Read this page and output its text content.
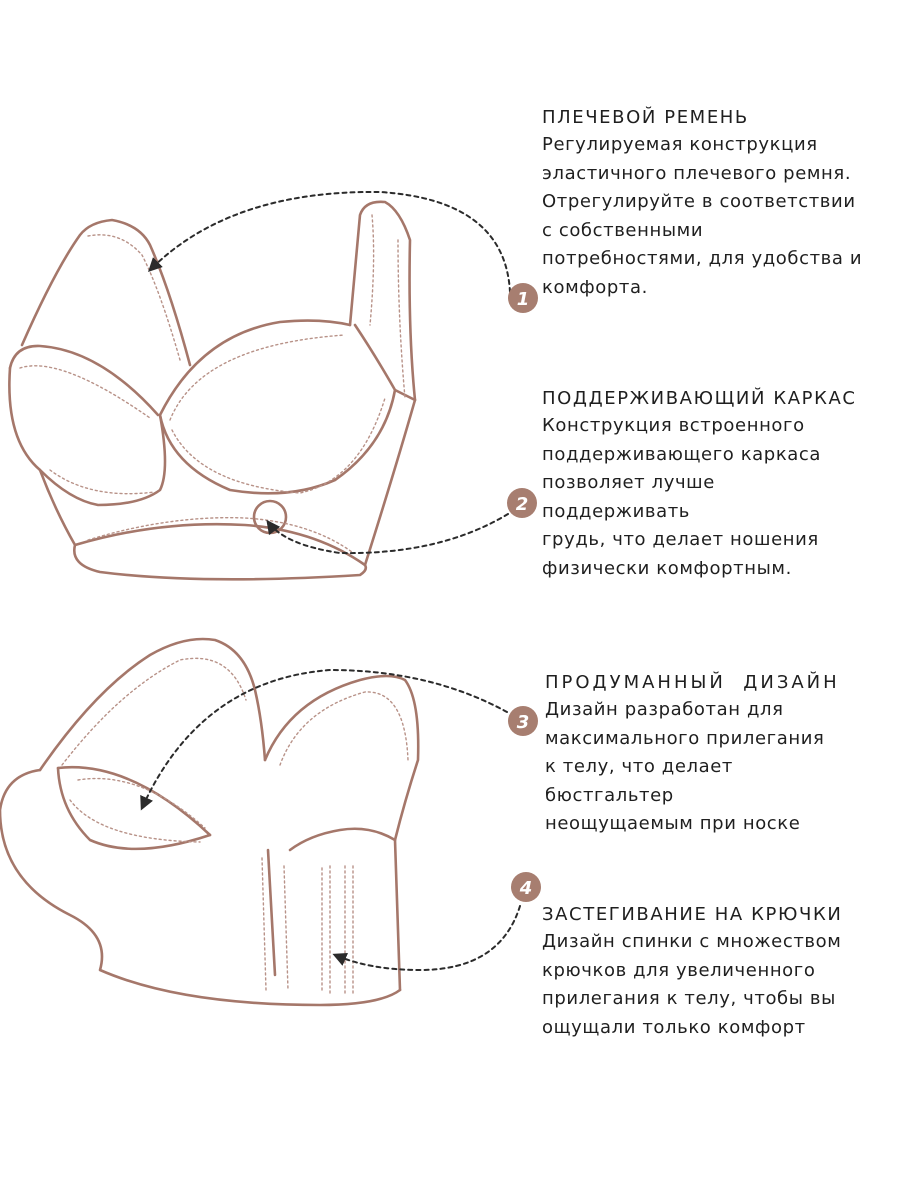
1
2
3
4
ПЛЕЧЕВОЙ РЕМЕНЬ
Регулируемая конструкция
эластичного плечевого ремня.
Отрегулируйте в соответствии
с собственными
потребностями, для удобства и
комфорта.
ПОДДЕРЖИВАЮЩИЙ КАРКАС
Конструкция встроенного
поддерживающего каркаса
позволяет лучше
поддерживать
грудь, что делает ношения
физически комфортным.
ПРОДУМАННЫЙ  ДИЗАЙН
Дизайн разработан для
максимального прилегания
к телу, что делает
бюстгальтер
неощущаемым при носке
ЗАСТЕГИВАНИЕ НА КРЮЧКИ
Дизайн спинки с множеством
крючков для увеличенного
прилегания к телу, чтобы вы
ощущали только комфорт
